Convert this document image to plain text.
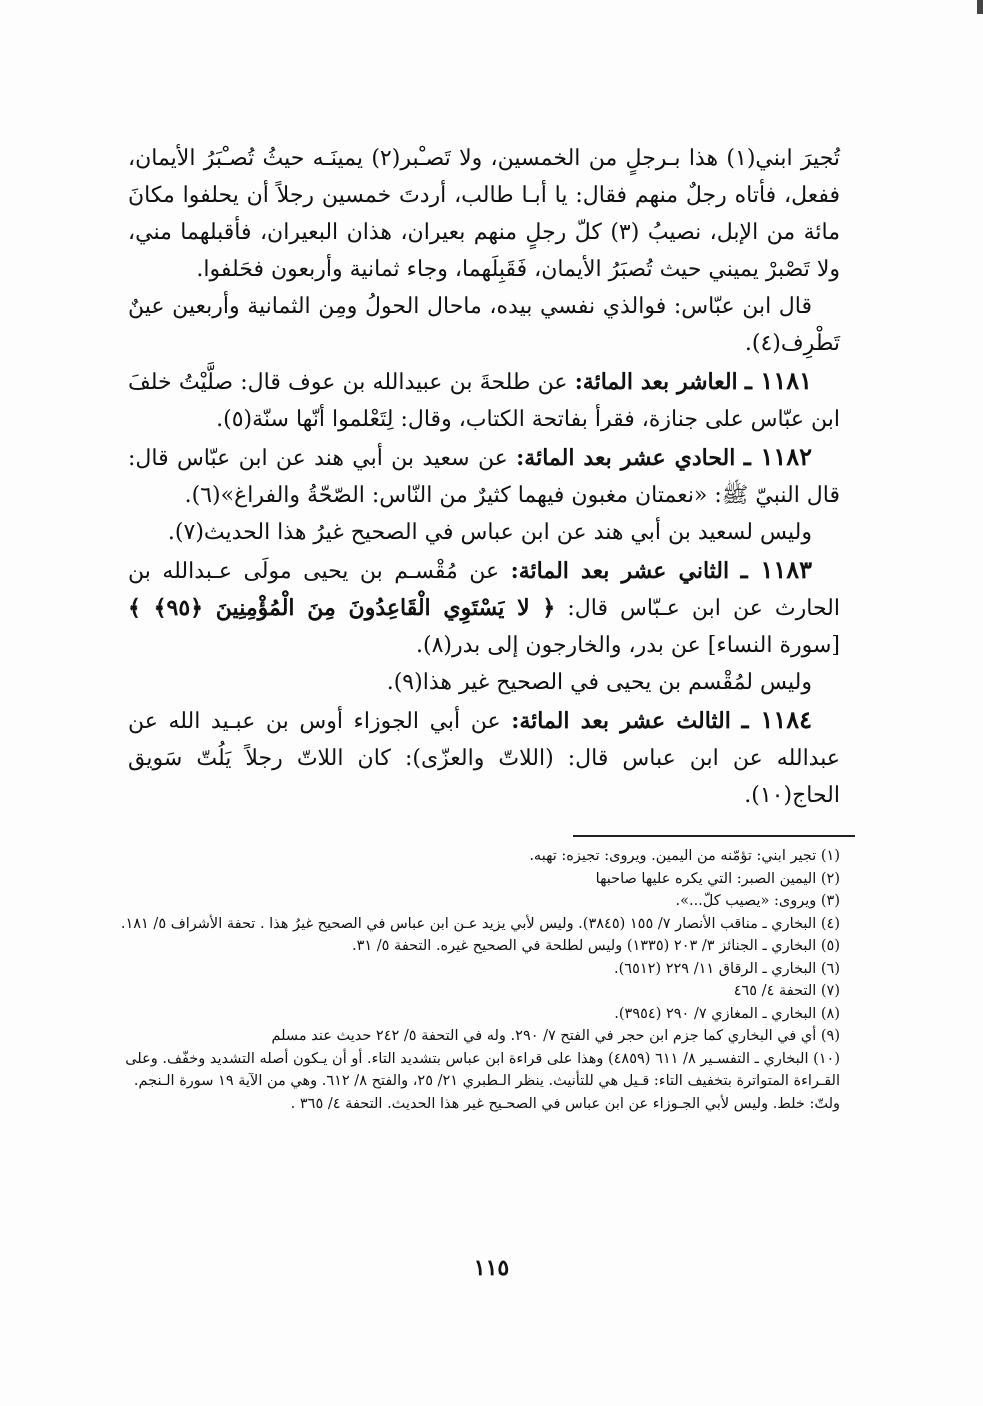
تُجيرَ ابني(١) هذا بـرجلٍ من الخمسين، ولا تَصـْبر(٢) يمينَـه حيثُ تُصـْبَرُ الأيمان، ففعل، فأتاه رجلٌ منهم فقال: يا أبـا طالب، أردتَ خمسين رجلاً أن يحلفوا مكانَ مائة من الإبل، نصيبُ (٣) كلّ رجلٍ منهم بعيران، هذان البعيران، فأقبلهما مني، ولا تَصْبرْ يميني حيث تُصبَرُ الأيمان، فَقَبِلَهما، وجاء ثمانية وأربعون فحَلفوا.

قال ابن عبّاس: فوالذي نفسي بيده، ماحال الحولُ ومِن الثمانية وأربعين عينٌ تَطْرِف(٤).

١١٨١ ـ العاشر بعد المائة: عن طلحةَ بن عبيدالله بن عوف قال: صلَّيْتُ خلفَ ابن عبّاس على جنازة، فقرأ بفاتحة الكتاب، وقال: لِتَعْلموا أنّها سنّة(٥).

١١٨٢ ـ الحادي عشر بعد المائة: عن سعيد بن أبي هند عن ابن عبّاس قال: قال النبيّ ﷺ: «نعمتان مغبون فيهما كثيرٌ من النّاس: الصّحّةُ والفراغ»(٦).

وليس لسعيد بن أبي هند عن ابن عباس في الصحيح غيرُ هذا الحديث(٧).

١١٨٣ ـ الثاني عشر بعد المائة: عن مُقْسـم بن يحيى مولَى عـبدالله بن الحارث عن ابن عـبّاس قال: ﴿ لا يَسْتَوِي الْقَاعِدُونَ مِنَ الْمُؤْمِنِينَ ﴿٩٥﴾ ﴾ [سورة النساء] عن بدر، والخارجون إلى بدر(٨).

وليس لمُقْسم بن يحيى في الصحيح غير هذا(٩).

١١٨٤ ـ الثالث عشر بعد المائة: عن أبي الجوزاء أوس بن عبـيد الله عن عبدالله عن ابن عباس قال: (اللاتّ والعزّى): كان اللاتّ رجلاً يَلُتّ سَويق الحاج(١٠).

(١) تجير ابني: تؤمّنه من اليمين. ويروى: تجيزه: تهبه.

(٢) اليمين الصبر: التي يكره عليها صاحبها

(٣) ويروى: «يصيب كلّ...».

(٤) البخاري ـ مناقب الأنصار ٧/ ١٥٥ (٣٨٤٥). وليس لأبي يزيد عـن ابن عباس في الصحيح غيرُ هذا . تحفة الأشراف ٥/ ١٨١.

(٥) البخاري ـ الجنائز ٣/ ٢٠٣ (١٣٣٥) وليس لطلحة في الصحيح غيره. التحفة ٥/ ٣١.

(٦) البخاري ـ الرقاق ١١/ ٢٢٩ (٦٥١٢).

(٧) التحفة ٤/ ٤٦٥

(٨) البخاري ـ المغازي ٧/ ٢٩٠ (٣٩٥٤).

(٩) أي في البخاري كما جزم ابن حجر في الفتح ٧/ ٢٩٠. وله في التحفة ٥/ ٢٤٢ حديث عند مسلم

(١٠) البخاري ـ التفسـير ٨/ ٦١١ (٤٨٥٩) وهذا على قراءة ابن عباس بتشديد التاء. أو أن يـكون أصله التشديد وخفّف. وعلى القـراءة المتواترة بتخفيف التاء: قـيل هي للتأنيث. ينظر الـطبري ٢١/ ٢٥، والفتح ٨/ ٦١٢. وهي من الآية ١٩ سورة الـنجم. ولتّ: خلط. وليس لأبي الجـوزاء عن ابن عباس في الصحـيح غير هذا الحديث. التحفة ٤/ ٣٦٥ .

١١٥
